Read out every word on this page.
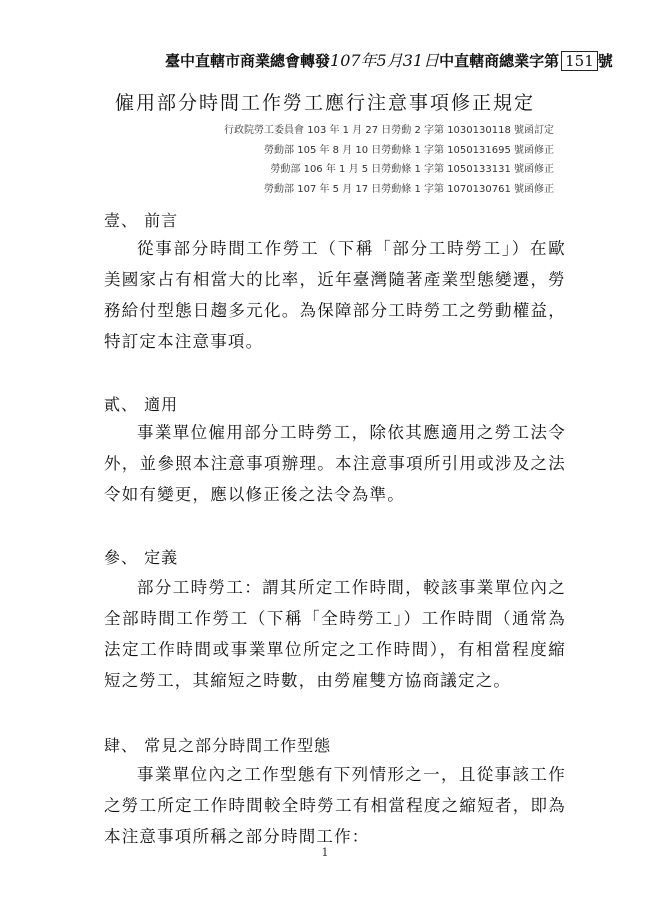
臺中直轄市商業總會轉發107年5月31日中直轄商總業字第 151 號
僱用部分時間工作勞工應行注意事項修正規定
行政院勞工委員會 103 年 1 月 27 日勞動 2 字第 1030130118 號函訂定
勞動部 105 年 8 月 10 日勞動條 1 字第 1050131695 號函修正
勞動部 106 年 1 月 5 日勞動條 1 字第 1050133131 號函修正
勞動部 107 年 5 月 17 日勞動條 1 字第 1070130761 號函修正
壹、 前言
從事部分時間工作勞工（下稱「部分工時勞工」）在歐美國家占有相當大的比率，近年臺灣隨著產業型態變遷，勞務給付型態日趨多元化。為保障部分工時勞工之勞動權益，特訂定本注意事項。
貳、 適用
事業單位僱用部分工時勞工，除依其應適用之勞工法令外，並參照本注意事項辦理。本注意事項所引用或涉及之法令如有變更，應以修正後之法令為準。
參、 定義
部分工時勞工：謂其所定工作時間，較該事業單位內之全部時間工作勞工（下稱「全時勞工」）工作時間（通常為法定工作時間或事業單位所定之工作時間），有相當程度縮短之勞工，其縮短之時數，由勞雇雙方協商議定之。
肆、 常見之部分時間工作型態
事業單位內之工作型態有下列情形之一，且從事該工作之勞工所定工作時間較全時勞工有相當程度之縮短者，即為本注意事項所稱之部分時間工作：
1
